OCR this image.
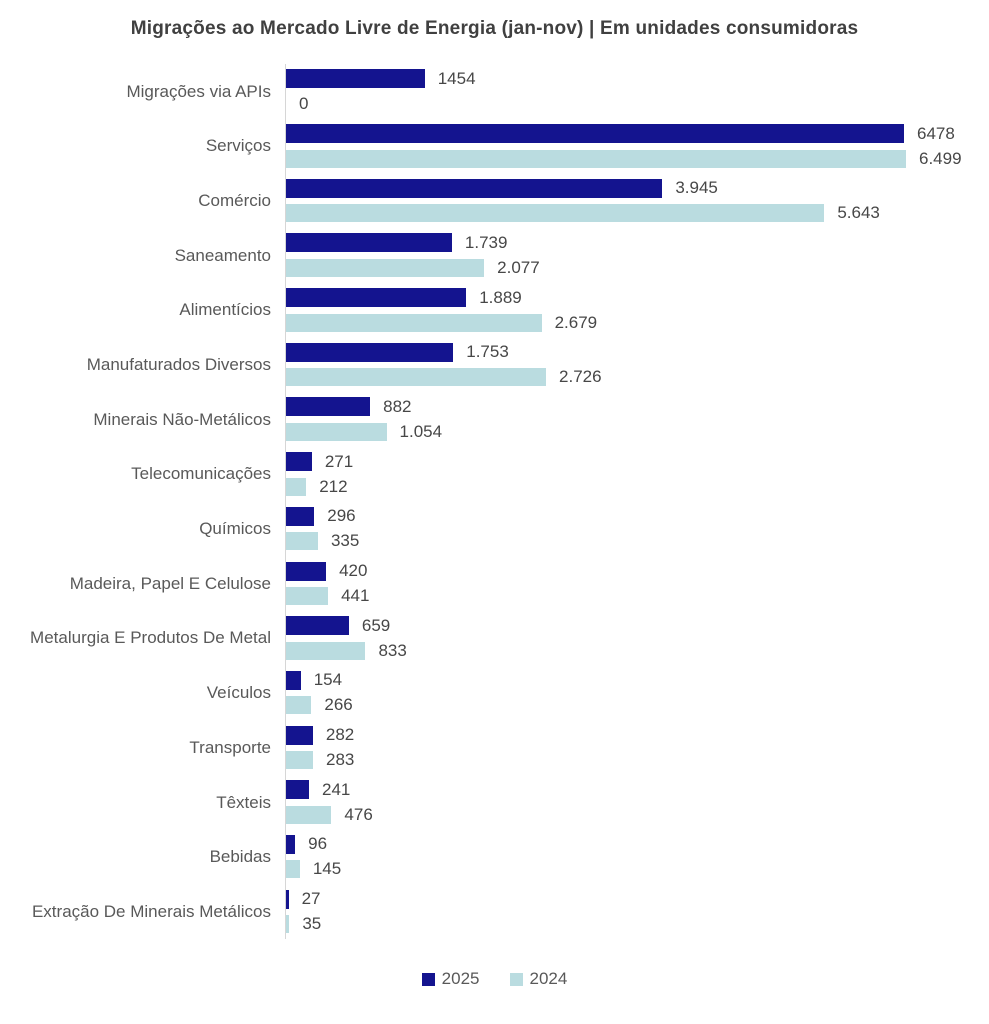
Migrações ao Mercado Livre de Energia (jan-nov) | Em unidades consumidoras
Migrações via APIs
1454
0
Serviços
6478
6.499
Comércio
3.945
5.643
Saneamento
1.739
2.077
Alimentícios
1.889
2.679
Manufaturados Diversos
1.753
2.726
Minerais Não-Metálicos
882
1.054
Telecomunicações
271
212
Químicos
296
335
Madeira, Papel E Celulose
420
441
Metalurgia E Produtos De Metal
659
833
Veículos
154
266
Transporte
282
283
Têxteis
241
476
Bebidas
96
145
Extração De Minerais Metálicos
27
35
2025	2024
